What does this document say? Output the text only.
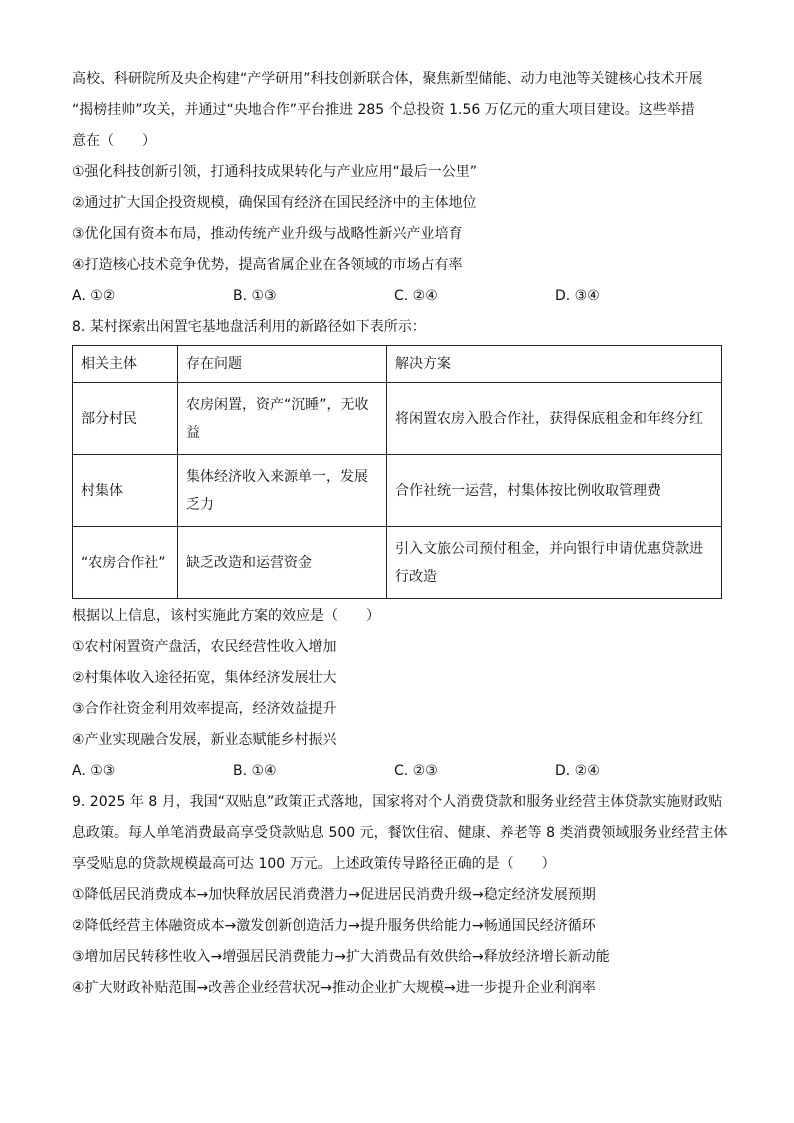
高校、科研院所及央企构建“产学研用”科技创新联合体，聚焦新型储能、动力电池等关键核心技术开展
“揭榜挂帅”攻关，并通过“央地合作”平台推进 285 个总投资 1.56 万亿元的重大项目建设。这些举措
意在（　　）
①强化科技创新引领，打通科技成果转化与产业应用“最后一公里”
②通过扩大国企投资规模，确保国有经济在国民经济中的主体地位
③优化国有资本布局，推动传统产业升级与战略性新兴产业培育
④打造核心技术竞争优势，提高省属企业在各领域的市场占有率
A. ①②	B. ①③	C. ②④	D. ③④
8. 某村探索出闲置宅基地盘活利用的新路径如下表所示：
相关主体	存在问题	解决方案
部分村民	农房闲置，资产“沉睡”，无收益	将闲置农房入股合作社，获得保底租金和年终分红
村集体	集体经济收入来源单一，发展乏力	合作社统一运营，村集体按比例收取管理费
“农房合作社”	缺乏改造和运营资金	引入文旅公司预付租金，并向银行申请优惠贷款进行改造
根据以上信息，该村实施此方案的效应是（　　）
①农村闲置资产盘活，农民经营性收入增加
②村集体收入途径拓宽，集体经济发展壮大
③合作社资金利用效率提高，经济效益提升
④产业实现融合发展，新业态赋能乡村振兴
A. ①③	B. ①④	C. ②③	D. ②④
9. 2025 年 8 月，我国“双贴息”政策正式落地，国家将对个人消费贷款和服务业经营主体贷款实施财政贴
息政策。每人单笔消费最高享受贷款贴息 500 元，餐饮住宿、健康、养老等 8 类消费领域服务业经营主体
享受贴息的贷款规模最高可达 100 万元。上述政策传导路径正确的是（　　）
①降低居民消费成本→加快释放居民消费潜力→促进居民消费升级→稳定经济发展预期
②降低经营主体融资成本→激发创新创造活力→提升服务供给能力→畅通国民经济循环
③增加居民转移性收入→增强居民消费能力→扩大消费品有效供给→释放经济增长新动能
④扩大财政补贴范围→改善企业经营状况→推动企业扩大规模→进一步提升企业利润率
